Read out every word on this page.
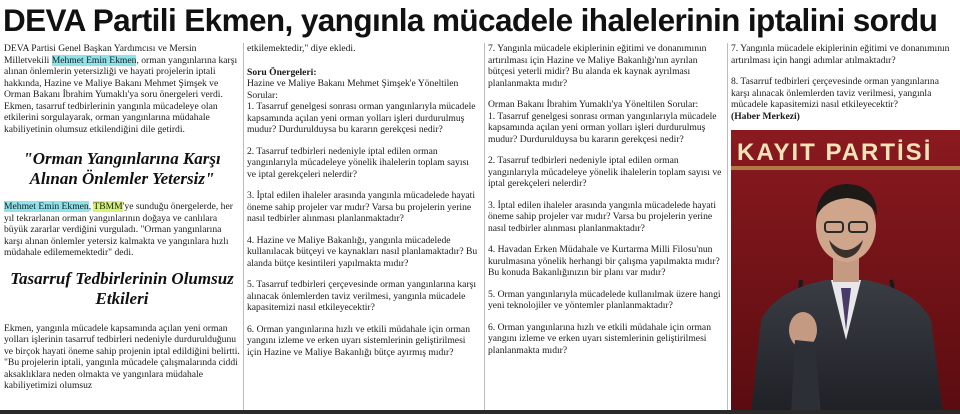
DEVA Partili Ekmen, yangınla mücadele ihalelerinin iptalini sordu

DEVA Partisi Genel Başkan Yardımcısı ve Mersin Milletvekili Mehmet Emin Ekmen, orman yangınlarına karşı alınan önlemlerin yetersizliği ve hayati projelerin iptali hakkında, Hazine ve Maliye Bakanı Mehmet Şimşek ve Orman Bakanı İbrahim Yumaklı'ya soru önergeleri verdi. Ekmen, tasarruf tedbirlerinin yangınla mücadeleye olan etkilerini sorgulayarak, orman yangınlarına müdahale kabiliyetinin olumsuz etkilendiğini dile getirdi.

"Orman Yangınlarına Karşı Alınan Önlemler Yetersiz"

Mehmet Emin Ekmen, TBMM'ye sunduğu önergelerde, her yıl tekrarlanan orman yangınlarının doğaya ve canlılara büyük zararlar verdiğini vurguladı. "Orman yangınlarına karşı alınan önlemler yetersiz kalmakta ve yangınlara hızlı müdahale edilememektedir" dedi.

Tasarruf Tedbirlerinin Olumsuz Etkileri

Ekmen, yangınla mücadele kapsamında açılan yeni orman yolları işlerinin tasarruf tedbirleri nedeniyle durdurulduğunu ve birçok hayati öneme sahip projenin iptal edildiğini belirtti. "Bu projelerin iptali, yangınla mücadele çalışmalarında ciddi aksaklıklara neden olmakta ve yangınlara müdahale kabiliyetimizi olumsuz

etkilemektedir," diye ekledi.

Soru Önergeleri:

Hazine ve Maliye Bakanı Mehmet Şimşek'e Yöneltilen Sorular:

1. Tasarruf genelgesi sonrası orman yangınlarıyla mücadele kapsamında açılan yeni orman yolları işleri durdurulmuş mudur? Durdurulduysa bu kararın gerekçesi nedir?

2. Tasarruf tedbirleri nedeniyle iptal edilen orman yangınlarıyla mücadeleye yönelik ihalelerin toplam sayısı ve iptal gerekçeleri nelerdir?

3. İptal edilen ihaleler arasında yangınla mücadelede hayati öneme sahip projeler var mıdır? Varsa bu projelerin yerine nasıl tedbirler alınması planlanmaktadır?

4. Hazine ve Maliye Bakanlığı, yangınla mücadelede kullanılacak bütçeyi ve kaynakları nasıl planlamaktadır? Bu alanda bütçe kesintileri yapılmakta mıdır?

5. Tasarruf tedbirleri çerçevesinde orman yangınlarına karşı alınacak önlemlerden taviz verilmesi, yangınla mücadele kapasitemizi nasıl etkileyecektir?

6. Orman yangınlarına hızlı ve etkili müdahale için orman yangını izleme ve erken uyarı sistemlerinin geliştirilmesi için Hazine ve Maliye Bakanlığı bütçe ayırmış mıdır?

7. Yangınla mücadele ekiplerinin eğitimi ve donanımının artırılması için Hazine ve Maliye Bakanlığı'nın ayrılan bütçesi yeterli midir? Bu alanda ek kaynak ayrılması planlanmakta mıdır?

Orman Bakanı İbrahim Yumaklı'ya Yöneltilen Sorular:

1. Tasarruf genelgesi sonrası orman yangınlarıyla mücadele kapsamında açılan yeni orman yolları işleri durdurulmuş mudur? Durdurulduysa bu kararın gerekçesi nedir?

2. Tasarruf tedbirleri nedeniyle iptal edilen orman yangınlarıyla mücadeleye yönelik ihalelerin toplam sayısı ve iptal gerekçeleri nelerdir?

3. İptal edilen ihaleler arasında yangınla mücadelede hayati öneme sahip projeler var mıdır? Varsa bu projelerin yerine nasıl tedbirler alınması planlanmaktadır?

4. Havadan Erken Müdahale ve Kurtarma Milli Filosu'nun kurulmasına yönelik herhangi bir çalışma yapılmakta mıdır? Bu konuda Bakanlığınızın bir planı var mıdır?

5. Orman yangınlarıyla mücadelede kullanılmak üzere hangi yeni teknolojiler ve yöntemler planlanmaktadır?

6. Orman yangınlarına hızlı ve etkili müdahale için orman yangını izleme ve erken uyarı sistemlerinin geliştirilmesi planlanmakta mıdır?

7. Yangınla mücadele ekiplerinin eğitimi ve donanımının artırılması için hangi adımlar atılmaktadır?

8. Tasarruf tedbirleri çerçevesinde orman yangınlarına karşı alınacak önlemlerden taviz verilmesi, yangınla mücadele kapasitemizi nasıl etkileyecektir?

(Haber Merkezi)

KAYIT PARTİSİ
